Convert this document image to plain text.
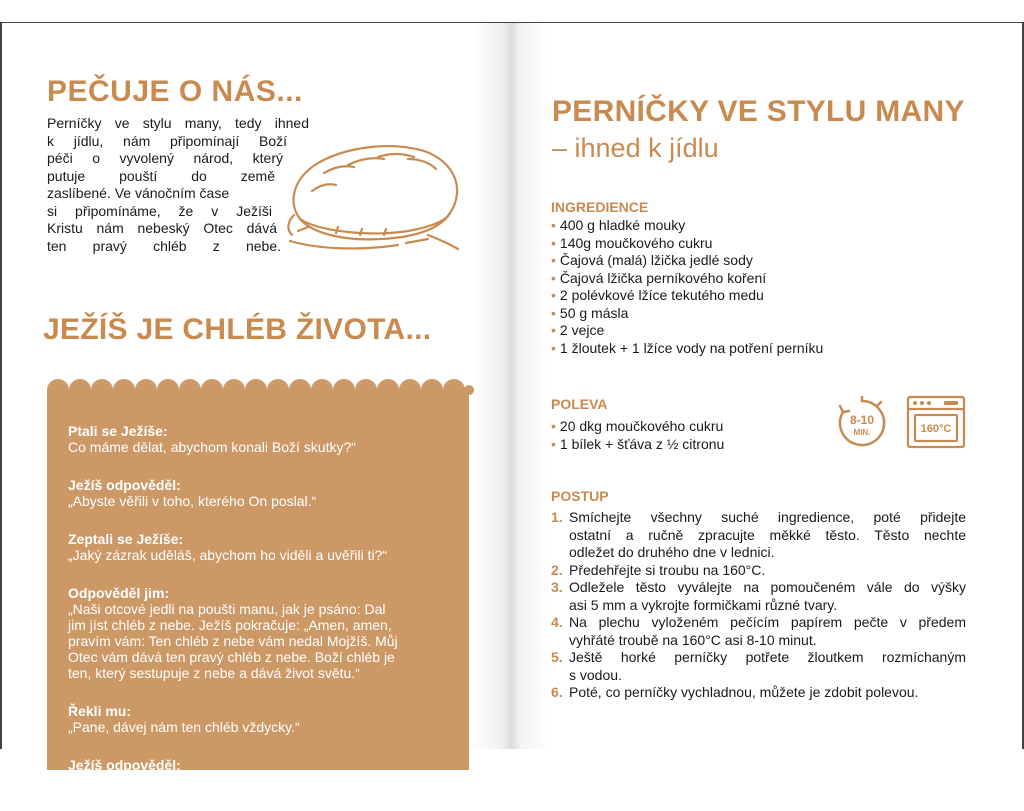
PEČUJE O NÁS...
Perníčky ve stylu many, tedy ihned
k jídlu, nám připomínají Boží
péči o vyvolený národ, který
putuje pouští do země
zaslíbené. Ve vánočním čase
si připomínáme, že v Ježíši
Kristu nám nebeský Otec dává
ten pravý chléb z nebe.
JEŽÍŠ JE CHLÉB ŽIVOTA...
Ptali se Ježíše:
Co máme dělat, abychom konali Boží skutky?“
Ježíš odpověděl:
„Abyste věřili v toho, kterého On poslal.“
Zeptali se Ježíše:
„Jaký zázrak uděláš, abychom ho viděli a uvěřili ti?“
Odpověděl jim:
„Naši otcové jedli na poušti manu, jak je psáno: Dal
jim jíst chléb z nebe. Ježíš pokračuje: „Amen, amen,
pravím vám: Ten chléb z nebe vám nedal Mojžíš. Můj
Otec vám dává ten pravý chléb z nebe. Boží chléb je
ten, který sestupuje z nebe a dává život světu.“
Řekli mu:
„Pane, dávej nám ten chléb vždycky.“
Ježíš odpověděl:
„Já jsem chléb života.“
PERNÍČKY VE STYLU MANY
– ihned k jídlu
INGREDIENCE
• 400 g hladké mouky
• 140g moučkového cukru
• Čajová (malá) lžička jedlé sody
• Čajová lžička perníkového koření
• 2 polévkové lžíce tekutého medu
• 50 g másla
• 2 vejce
• 1 žloutek + 1 lžíce vody na potření perníku
POLEVA
• 20 dkg moučkového cukru
• 1 bílek + šťáva z ½ citronu
8-10
MIN.	160°C
POSTUP
1. Smíchejte všechny suché ingredience, poté přidejte
ostatní a ručně zpracujte měkké těsto. Těsto nechte
odležet do druhého dne v lednici.
2. Předehřejte si troubu na 160°C.
3. Odležele těsto vyválejte na pomoučeném vále do výšky
asi 5 mm a vykrojte formičkami různé tvary.
4. Na plechu vyloženém pečícím papírem pečte v předem
vyhřáté troubě na 160°C asi 8-10 minut.
5. Ještě horké perníčky potřete žloutkem rozmíchaným
s vodou.
6. Poté, co perníčky vychladnou, můžete je zdobit polevou.
